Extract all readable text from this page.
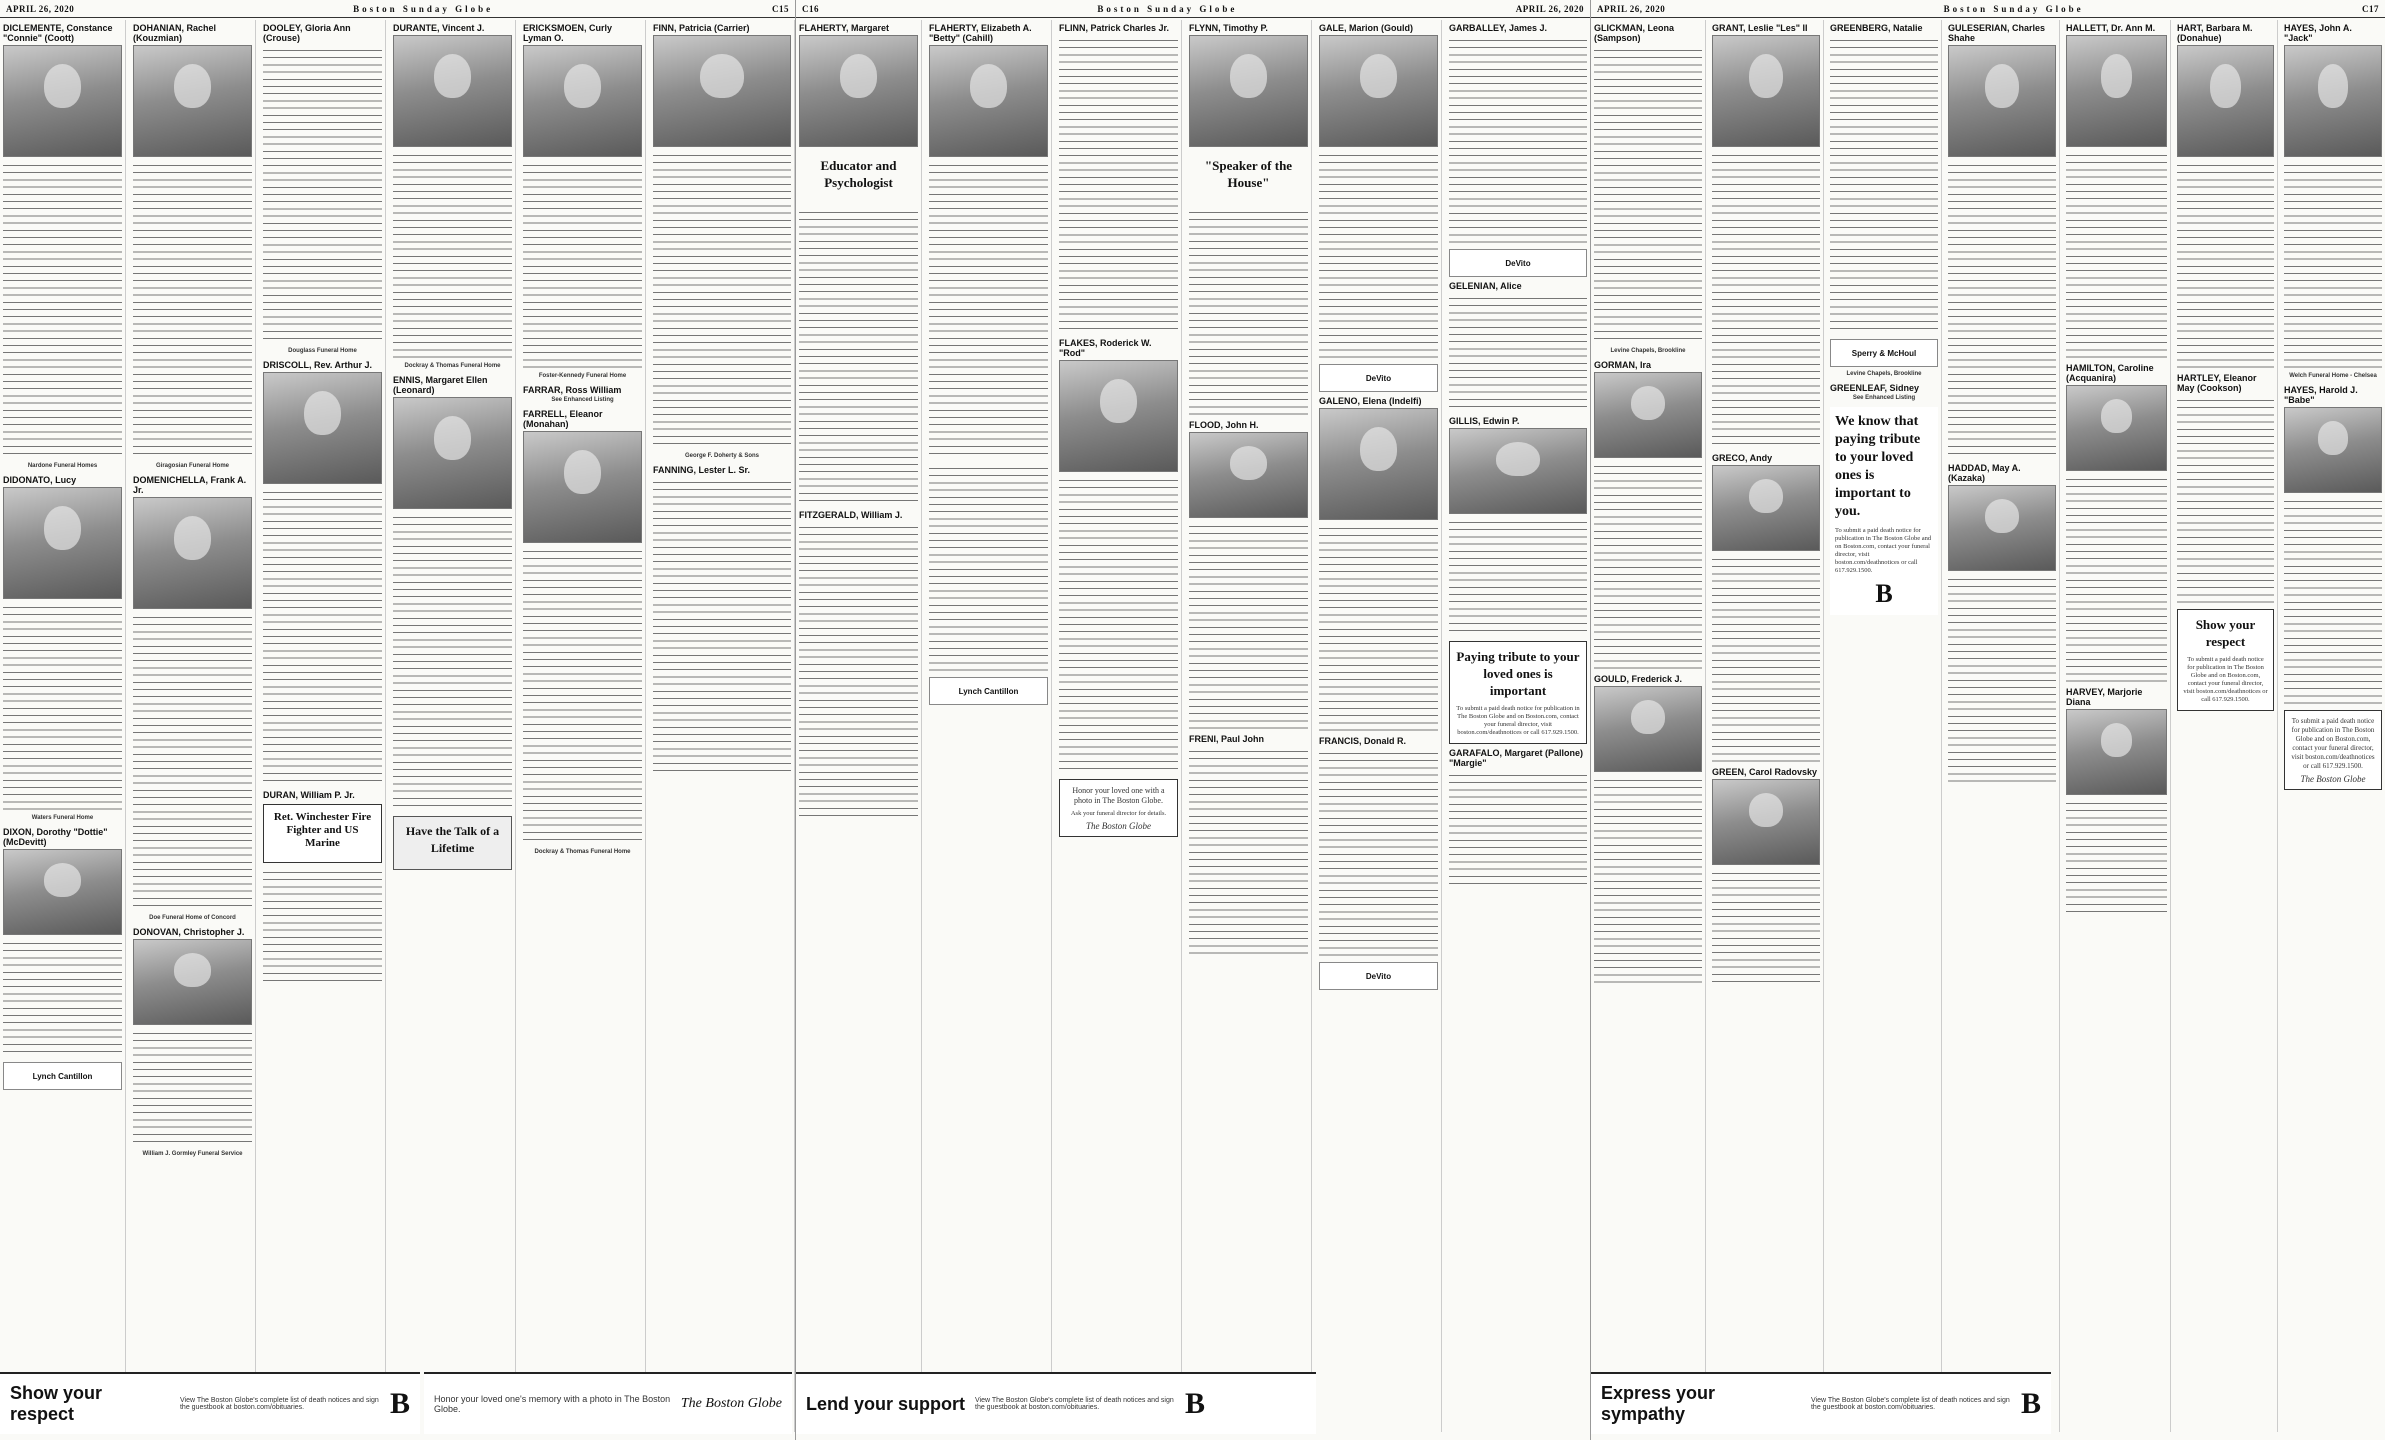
APRIL 26, 2020	Boston Sunday Globe	C15
DICLEMENTE, Constance "Connie" (Coott)
Nardone Funeral Homes
DIDONATO, Lucy
Waters Funeral Home
DIXON, Dorothy "Dottie" (McDevitt)
Lynch Cantillon
DOHANIAN, Rachel (Kouzmian)
Giragosian Funeral Home
DOMENICHELLA, Frank A. Jr.
Doe Funeral Home of Concord
DONOVAN, Christopher J.
William J. Gormley Funeral Service
DOOLEY, Gloria Ann (Crouse)
Douglass Funeral Home
DRISCOLL, Rev. Arthur J.
DURAN, William P. Jr.
Ret. Winchester Fire Fighter and US Marine
DURANTE, Vincent J.
Dockray & Thomas Funeral Home
ENNIS, Margaret Ellen (Leonard)
Have the Talk of a Lifetime
ERICKSMOEN, Curly Lyman O.
Foster-Kennedy Funeral Home
FARRAR, Ross William
See Enhanced Listing
FARRELL, Eleanor (Monahan)
Dockray & Thomas Funeral Home
FINN, Patricia (Carrier)
George F. Doherty & Sons
FANNING, Lester L. Sr.
Show your respect
View The Boston Globe's complete list of death notices and sign the guestbook at boston.com/obituaries.	B	Honor your loved one's memory with a photo in The Boston Globe.	The Boston Globe
C16	Boston Sunday Globe	APRIL 26, 2020
FLAHERTY, Margaret
Educator and Psychologist
FITZGERALD, William J.
FLAHERTY, Elizabeth A. "Betty" (Cahill)
Lynch Cantillon
FLINN, Patrick Charles Jr.
FLAKES, Roderick W. "Rod"
Honor your loved one with a photo in The Boston Globe.
Ask your funeral director for details.
The Boston Globe
FLYNN, Timothy P.
"Speaker of the House"
FLOOD, John H.
FRENI, Paul John
GALE, Marion (Gould)
DeVito
GALENO, Elena (Indelfi)
FRANCIS, Donald R.
DeVito
GARBALLEY, James J.
DeVito
GELENIAN, Alice
GILLIS, Edwin P.
Paying tribute to your loved ones is important
To submit a paid death notice for publication in The Boston Globe and on Boston.com, contact your funeral director, visit boston.com/deathnotices or call 617.929.1500.
GARAFALO, Margaret (Pallone) "Margie"
Lend your support View The Boston Globe's complete list of death notices and sign the guestbook at boston.com/obituaries.	B
APRIL 26, 2020	Boston Sunday Globe	C17
GLICKMAN, Leona (Sampson)
Levine Chapels, Brookline
GORMAN, Ira
GOULD, Frederick J.
GRANT, Leslie "Les" II
GRECO, Andy
GREEN, Carol Radovsky
GREENBERG, Natalie
Sperry & McHoul
Levine Chapels, Brookline
GREENLEAF, Sidney
See Enhanced Listing
We know that paying tribute to your loved ones is important to you.
To submit a paid death notice for publication in The Boston Globe and on Boston.com, contact your funeral director, visit boston.com/deathnotices or call 617.929.1500.
B
GULESERIAN, Charles Shahe
HADDAD, May A. (Kazaka)
HALLETT, Dr. Ann M.
HAMILTON, Caroline (Acquanira)
HARVEY, Marjorie Diana
HART, Barbara M. (Donahue)
HARTLEY, Eleanor May (Cookson)
Show your respect
To submit a paid death notice for publication in The Boston Globe and on Boston.com, contact your funeral director, visit boston.com/deathnotices or call 617.929.1500.
HAYES, John A. "Jack"
Welch Funeral Home - Chelsea
HAYES, Harold J. "Babe"
To submit a paid death notice for publication in The Boston Globe and on Boston.com, contact your funeral director, visit boston.com/deathnotices or call 617.929.1500.
The Boston Globe
Express your sympathy
View The Boston Globe's complete list of death notices and sign the guestbook at boston.com/obituaries.	B
